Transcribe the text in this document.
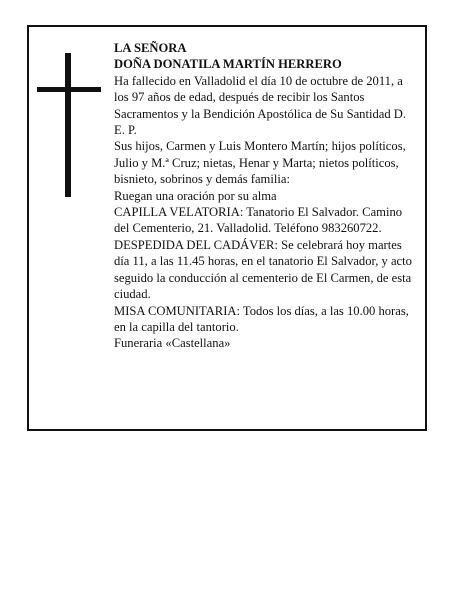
LA SEÑORA

DOÑA DONATILA MARTÍN HERRERO

Ha fallecido en Valladolid el día 10 de octubre de 2011, a los 97 años de edad, después de recibir los Santos Sacramentos y la Bendición Apostólica de Su Santidad D. E. P.

Sus hijos, Carmen y Luis Montero Martín; hijos políticos, Julio y M.ª Cruz; nietas, Henar y Marta; nietos políticos, bisnieto, sobrinos y demás familia:

Ruegan una oración por su alma

CAPILLA VELATORIA: Tanatorio El Salvador. Camino del Cementerio, 21. Valladolid. Teléfono 983260722.

DESPEDIDA DEL CADÁVER: Se celebrará hoy martes día 11, a las 11.45 horas, en el tanatorio El Salvador, y acto seguido la conducción al cementerio de El Carmen, de esta ciudad.

MISA COMUNITARIA: Todos los días, a las 10.00 horas, en la capilla del tantorio.

Funeraria «Castellana»
